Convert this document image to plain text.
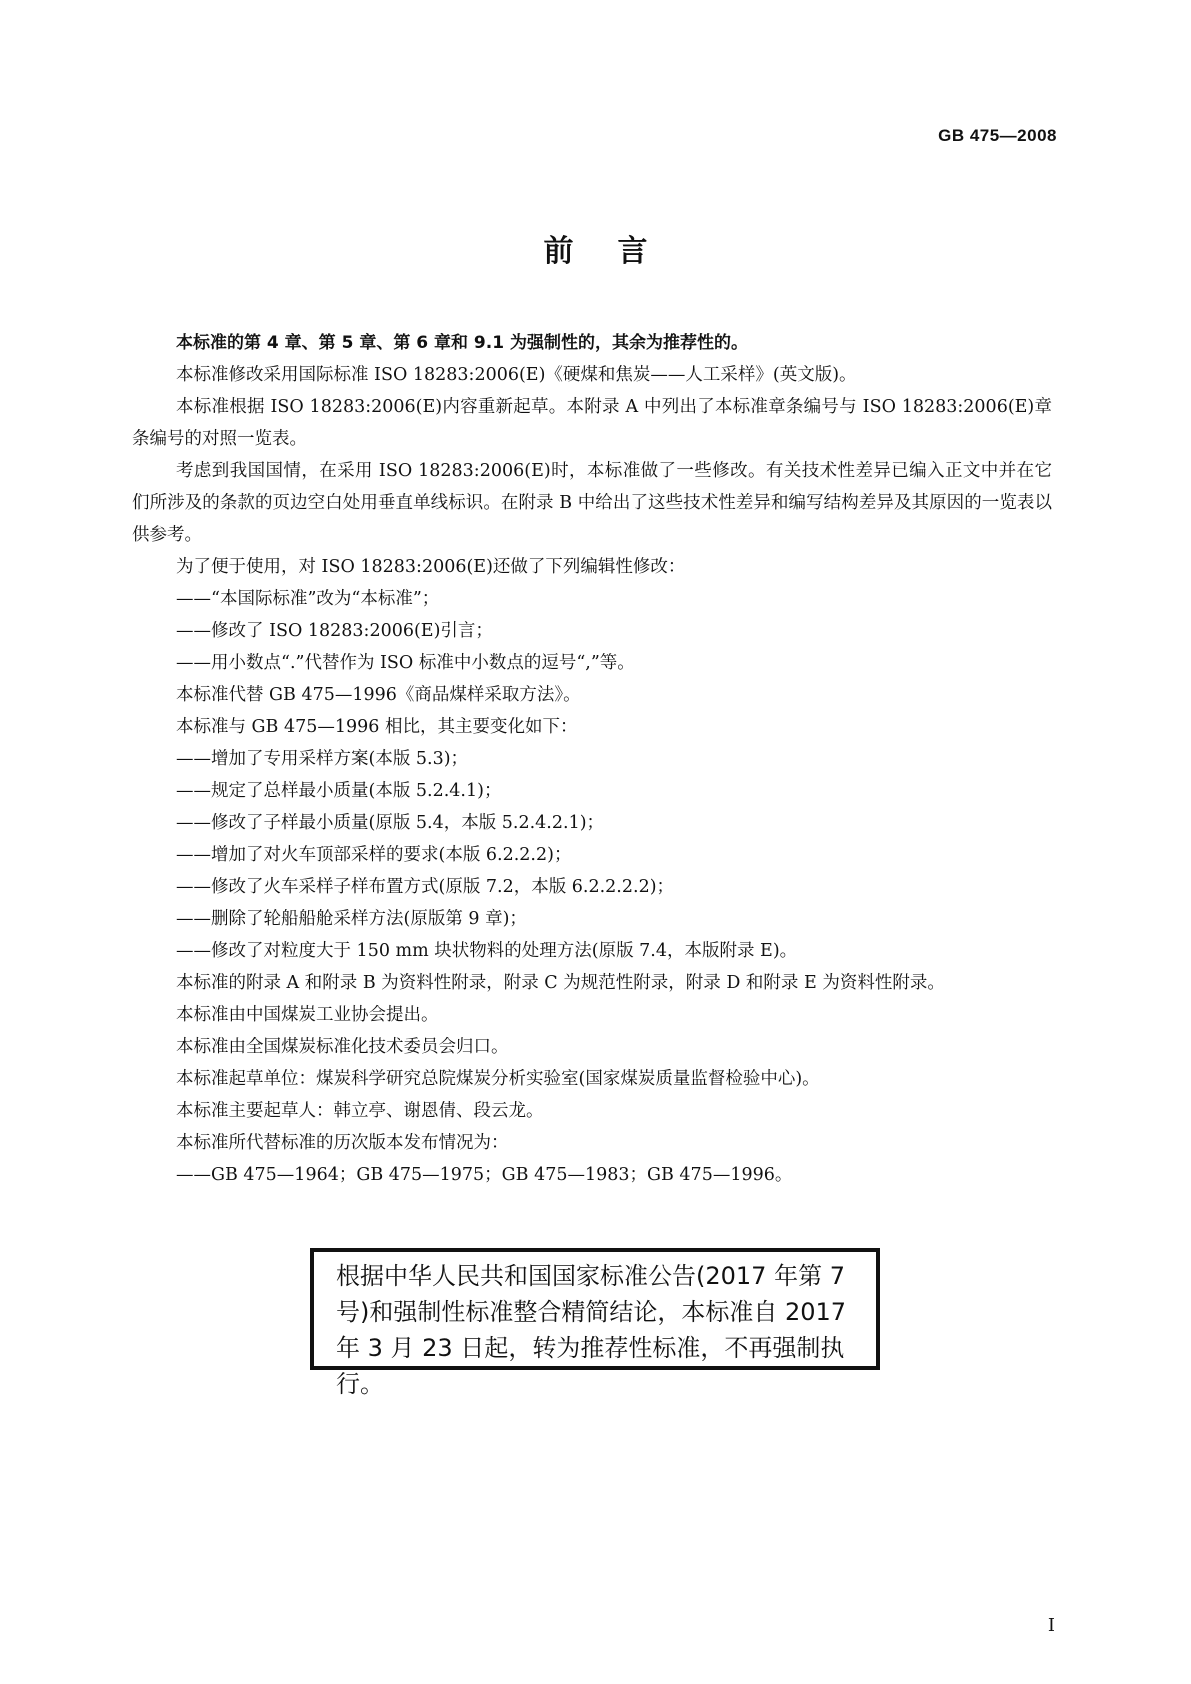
GB 475—2008
前言

本标准的第 4 章、第 5 章、第 6 章和 9.1 为强制性的，其余为推荐性的。

本标准修改采用国际标准 ISO 18283:2006(E)《硬煤和焦炭——人工采样》(英文版)。

本标准根据 ISO 18283:2006(E)内容重新起草。本附录 A 中列出了本标准章条编号与 ISO 18283:2006(E)章条编号的对照一览表。

考虑到我国国情，在采用 ISO 18283:2006(E)时，本标准做了一些修改。有关技术性差异已编入正文中并在它们所涉及的条款的页边空白处用垂直单线标识。在附录 B 中给出了这些技术性差异和编写结构差异及其原因的一览表以供参考。

为了便于使用，对 ISO 18283:2006(E)还做了下列编辑性修改：

——“本国际标准”改为“本标准”；

——修改了 ISO 18283:2006(E)引言；

——用小数点“.”代替作为 ISO 标准中小数点的逗号“,”等。

本标准代替 GB 475—1996《商品煤样采取方法》。

本标准与 GB 475—1996 相比，其主要变化如下：

——增加了专用采样方案(本版 5.3)；

——规定了总样最小质量(本版 5.2.4.1)；

——修改了子样最小质量(原版 5.4，本版 5.2.4.2.1)；

——增加了对火车顶部采样的要求(本版 6.2.2.2)；

——修改了火车采样子样布置方式(原版 7.2，本版 6.2.2.2.2)；

——删除了轮船船舱采样方法(原版第 9 章)；

——修改了对粒度大于 150 mm 块状物料的处理方法(原版 7.4，本版附录 E)。

本标准的附录 A 和附录 B 为资料性附录，附录 C 为规范性附录，附录 D 和附录 E 为资料性附录。

本标准由中国煤炭工业协会提出。

本标准由全国煤炭标准化技术委员会归口。

本标准起草单位：煤炭科学研究总院煤炭分析实验室(国家煤炭质量监督检验中心)。

本标准主要起草人：韩立亭、谢恩倩、段云龙。

本标准所代替标准的历次版本发布情况为：

——GB 475—1964；GB 475—1975；GB 475—1983；GB 475—1996。

根据中华人民共和国国家标准公告(2017 年第 7 号)和强制性标准整合精简结论，本标准自 2017 年 3 月 23 日起，转为推荐性标准，不再强制执行。
I
